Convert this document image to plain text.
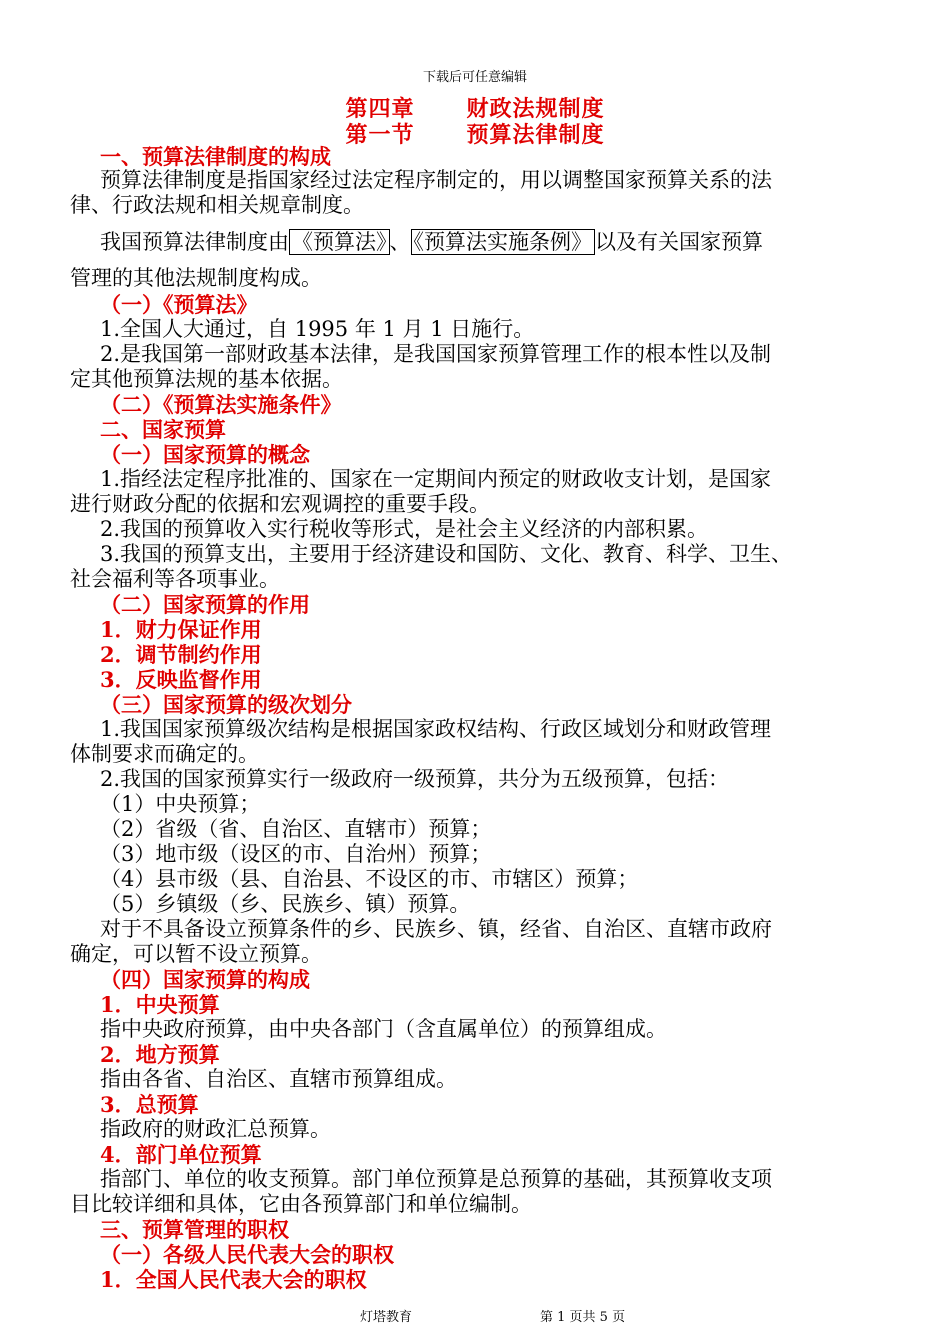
下载后可任意编辑
第四章 财政法规制度
第一节 预算法律制度
一、预算法律制度的构成
预算法律制度是指国家经过法定程序制定的，用以调整国家预算关系的法
律、行政法规和相关规章制度。
我国预算法律制度由 《预算法》 、 《预算法实施条例》 以及有关国家预算
管理的其他法规制度构成。
（一）《预算法》
1.全国人大通过，自 1995 年 1 月 1 日施行。
2.是我国第一部财政基本法律，是我国国家预算管理工作的根本性以及制
定其他预算法规的基本依据。
（二）《预算法实施条件》
二、国家预算
（一）国家预算的概念
1.指经法定程序批准的、国家在一定期间内预定的财政收支计划，是国家
进行财政分配的依据和宏观调控的重要手段。
2.我国的预算收入实行税收等形式，是社会主义经济的内部积累。
3.我国的预算支出，主要用于经济建设和国防、文化、教育、科学、卫生、
社会福利等各项事业。
（二）国家预算的作用
1．财力保证作用
2．调节制约作用
3．反映监督作用
（三）国家预算的级次划分
1.我国国家预算级次结构是根据国家政权结构、行政区域划分和财政管理
体制要求而确定的。
2.我国的国家预算实行一级政府一级预算，共分为五级预算，包括：
（1）中央预算；
（2）省级（省、自治区、直辖市）预算；
（3）地市级（设区的市、自治州）预算；
（4）县市级（县、自治县、不设区的市、市辖区）预算；
（5）乡镇级（乡、民族乡、镇）预算。
对于不具备设立预算条件的乡、民族乡、镇，经省、自治区、直辖市政府
确定，可以暂不设立预算。
（四）国家预算的构成
1．中央预算
指中央政府预算，由中央各部门（含直属单位）的预算组成。
2．地方预算
指由各省、自治区、直辖市预算组成。
3．总预算
指政府的财政汇总预算。
4．部门单位预算
指部门、单位的收支预算。部门单位预算是总预算的基础，其预算收支项
目比较详细和具体，它由各预算部门和单位编制。
三、预算管理的职权
（一）各级人民代表大会的职权
1．全国人民代表大会的职权
灯塔教育	第 1 页共 5 页
